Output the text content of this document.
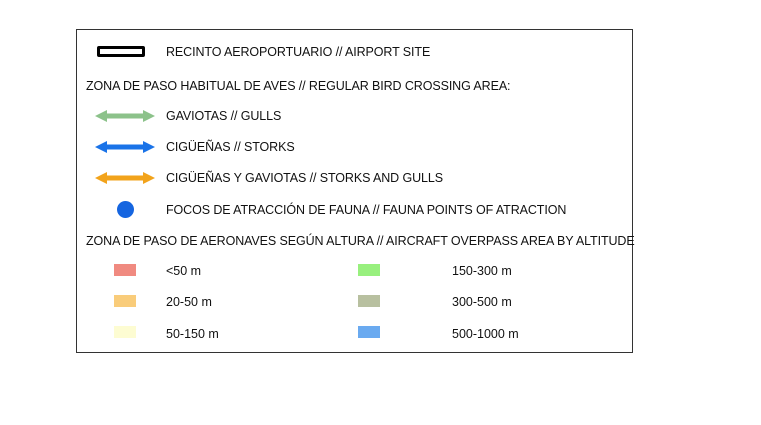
RECINTO AEROPORTUARIO // AIRPORT SITE
ZONA DE PASO HABITUAL DE AVES // REGULAR BIRD CROSSING AREA:
GAVIOTAS // GULLS
CIGÜEÑAS // STORKS
CIGÜEÑAS Y GAVIOTAS // STORKS AND GULLS
FOCOS DE ATRACCIÓN DE FAUNA // FAUNA POINTS OF ATRACTION
ZONA DE PASO DE AERONAVES SEGÚN ALTURA // AIRCRAFT OVERPASS AREA BY ALTITUDE
<50 m
20-50 m
50-150 m
150-300 m
300-500 m
500-1000 m
